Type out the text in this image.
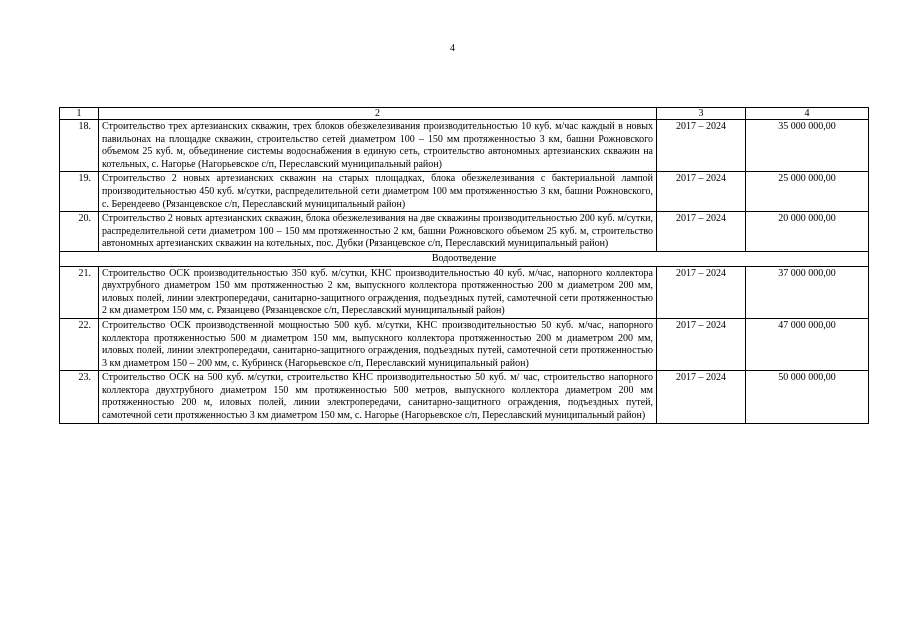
4
1	2	3	4
18.	Строительство трех артезианских скважин, трех блоков обезжелезивания производительностью 10 куб. м/час каждый в новых павильонах на площадке скважин, строительство сетей диаметром 100 – 150 мм протяженностью 3 км, башни Рожновского объемом 25 куб. м, объединение системы водоснабжения в единую сеть, строительство автономных артезианских скважин на котельных, с. Нагорье (Нагорьевское с/п, Переславский муниципальный район)	2017 – 2024	35 000 000,00
19.	Строительство 2 новых артезианских скважин на старых площадках, блока обезжелезивания с бактериальной лампой производительностью 450 куб. м/сутки, распределительной сети диаметром 100 мм протяженностью 3 км, башни Рожновского, с. Берендеево (Рязанцевское с/п, Переславский муниципальный район)	2017 – 2024	25 000 000,00
20.	Строительство 2 новых артезианских скважин, блока обезжелезивания на две скважины производительностью 200 куб. м/сутки, распределительной сети диаметром 100 – 150 мм протяженностью 2 км, башни Рожновского объемом 25 куб. м, строительство автономных артезианских скважин на котельных, пос. Дубки (Рязанцевское с/п, Переславский муниципальный район)	2017 – 2024	20 000 000,00
Водоотведение			
21.	Строительство ОСК производительностью 350 куб. м/сутки, КНС производительностью 40 куб. м/час, напорного коллектора двухтрубного диаметром 150 мм протяженностью 2 км, выпускного коллектора протяженностью 200 м диаметром 200 мм, иловых полей, линии электропередачи, санитарно-защитного ограждения, подъездных путей, самотечной сети протяженностью 2 км диаметром 150 мм, с. Рязанцево (Рязанцевское с/п, Переславский муниципальный район)	2017 – 2024	37 000 000,00
22.	Строительство ОСК производственной мощностью 500 куб. м/сутки, КНС производительностью 50 куб. м/час, напорного коллектора протяженностью 500 м диаметром 150 мм, выпускного коллектора протяженностью 200 м диаметром 200 мм, иловых полей, линии электропередачи, санитарно-защитного ограждения, подъездных путей, самотечной сети протяженностью 3 км диаметром 150 – 200 мм, с. Кубринск (Нагорьевское с/п, Переславский муниципальный район)	2017 – 2024	47 000 000,00
23.	Строительство ОСК на 500 куб. м/сутки, строительство КНС производительностью 50 куб. м/ час, строительство напорного коллектора двухтрубного диаметром 150 мм протяженностью 500 метров, выпускного коллектора диаметром 200 мм протяженностью 200 м, иловых полей, линии электропередачи, санитарно-защитного ограждения, подъездных путей, самотечной сети протяженностью 3 км диаметром 150 мм, с. Нагорье (Нагорьевское с/п, Переславский муниципальный район)	2017 – 2024	50 000 000,00
